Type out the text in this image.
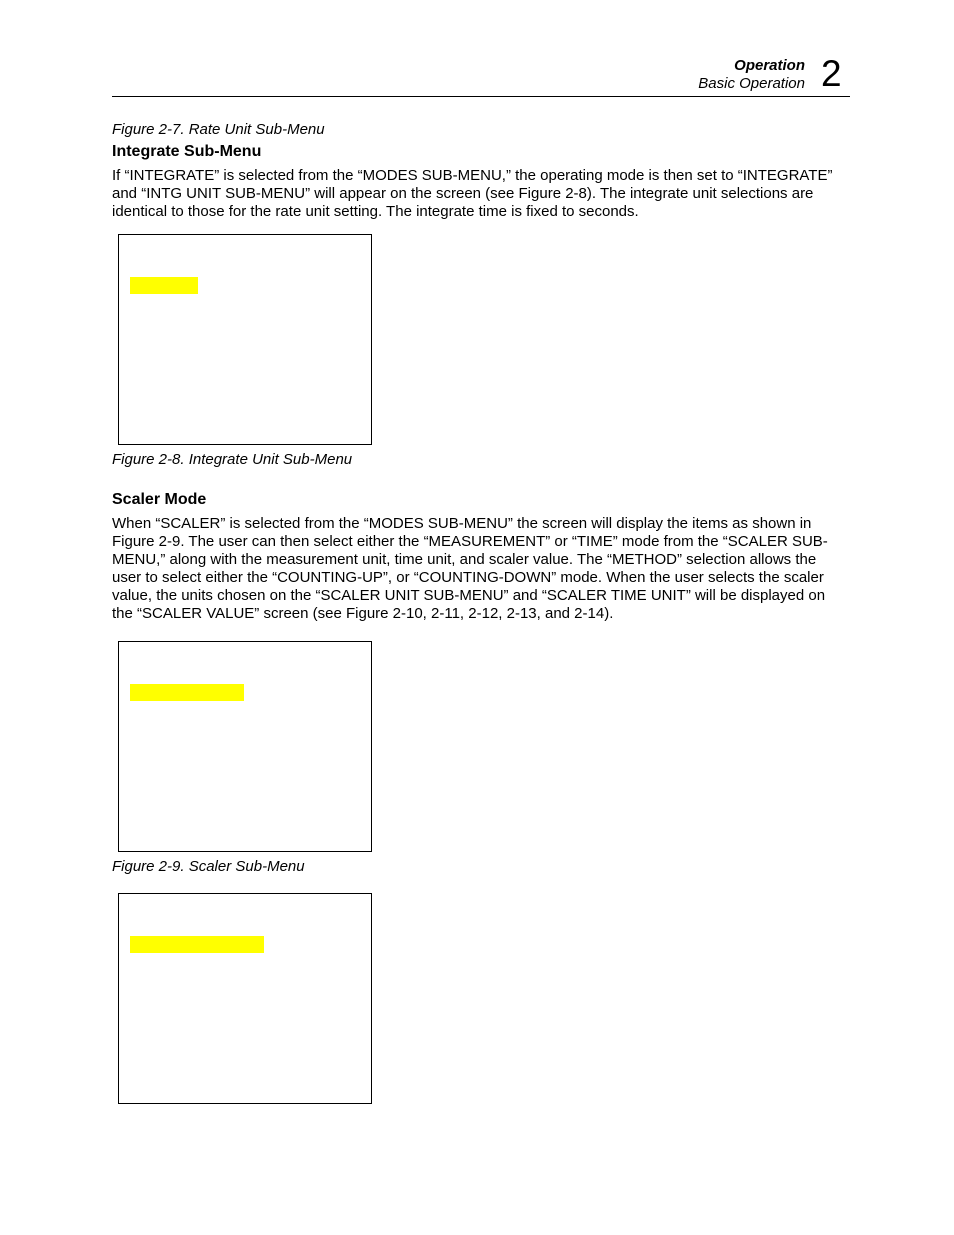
Operation
Basic Operation 2
Figure 2-7. Rate Unit Sub-Menu
Integrate Sub-Menu
If “INTEGRATE” is selected from the “MODES SUB-MENU,” the operating mode is then set to “INTEGRATE” and “INTG UNIT SUB-MENU” will appear on the screen (see Figure 2-8). The integrate unit selections are identical to those for the rate unit setting. The integrate time is fixed to seconds.
Figure 2-8. Integrate Unit Sub-Menu
Scaler Mode
When “SCALER” is selected from the “MODES SUB-MENU” the screen will display the items as shown in Figure 2-9. The user can then select either the “MEASUREMENT” or “TIME” mode from the “SCALER SUB-MENU,” along with the measurement unit, time unit, and scaler value. The “METHOD” selection allows the user to select either the “COUNTING-UP”, or “COUNTING-DOWN” mode. When the user selects the scaler value, the units chosen on the “SCALER UNIT SUB-MENU” and “SCALER TIME UNIT” will be displayed on the “SCALER VALUE” screen (see Figure 2-10, 2-11, 2-12, 2-13, and 2-14).
Figure 2-9. Scaler Sub-Menu
